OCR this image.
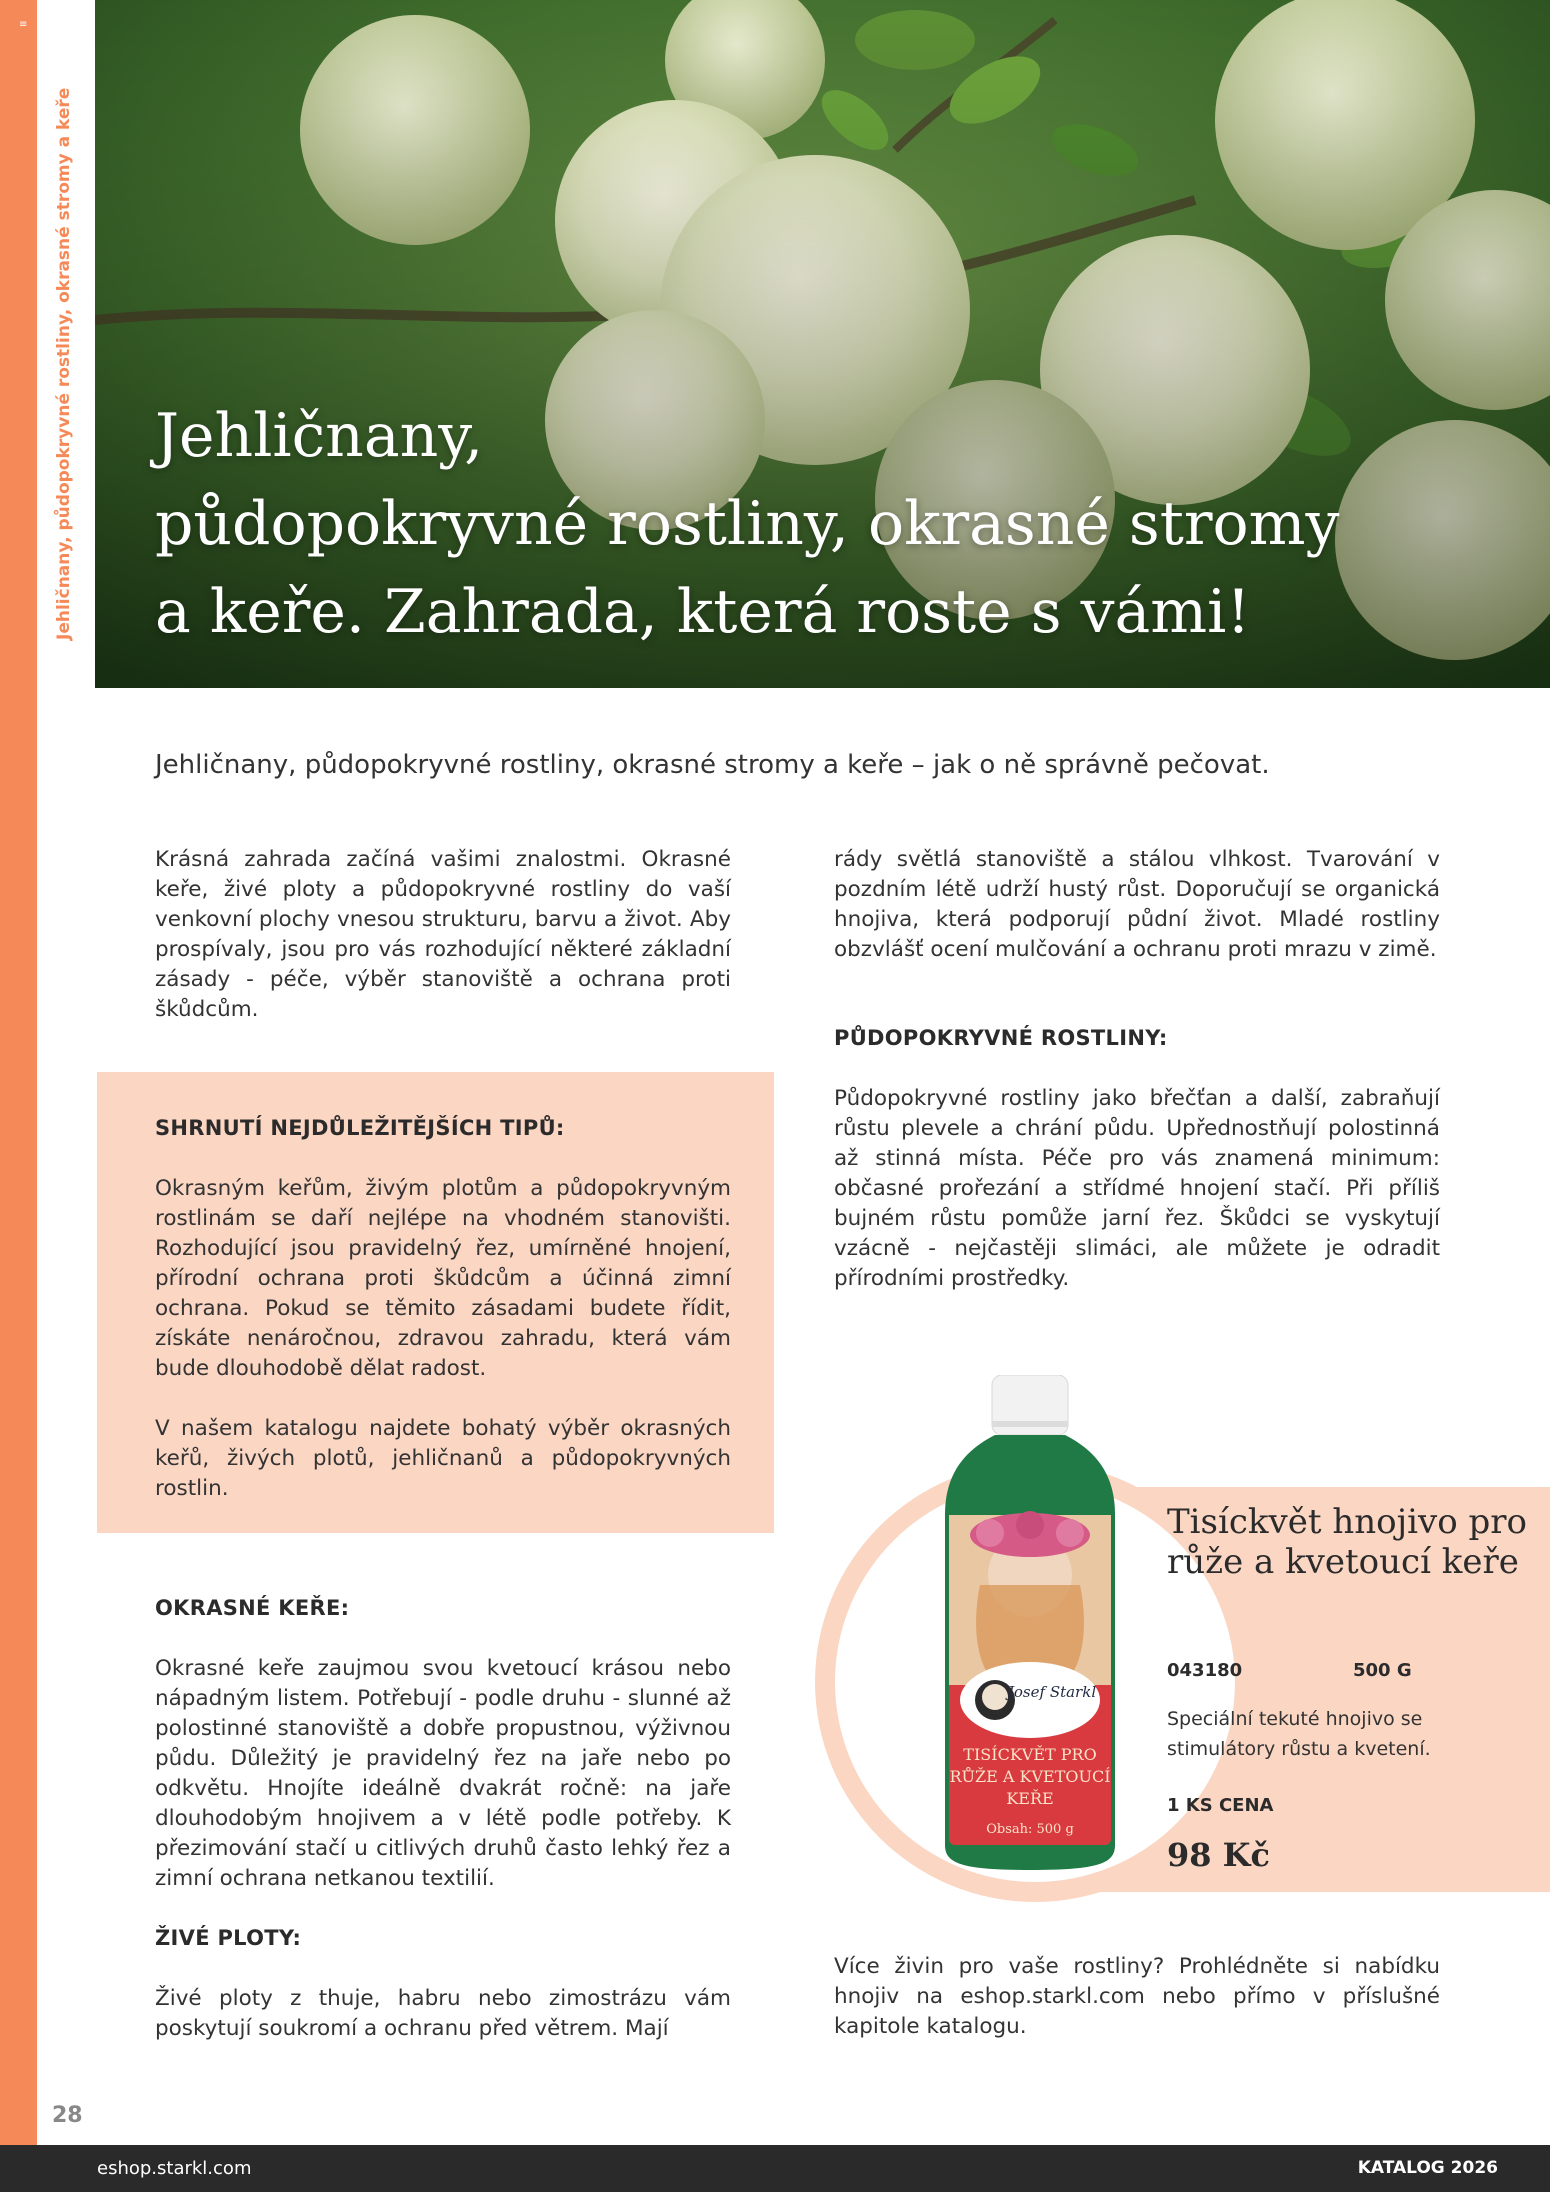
≡
Jehličnany, půdopokryvné rostliny, okrasné stromy a keře Jehličnany,
půdopokryvné rostliny, okrasné stromy
a keře. Zahrada, která roste s vámi!

Jehličnany, půdopokryvné rostliny, okrasné stromy a keře – jak o ně správně pečovat.

Krásná zahrada začíná vašimi znalostmi. Okrasné keře, živé ploty a půdopokryvné rostliny do vaší venkovní plochy vnesou strukturu, barvu a život. Aby prospívaly, jsou pro vás rozhodující některé základní zásady - péče, výběr stanoviště a ochrana proti škůdcům.

SHRNUTÍ NEJDŮLEŽITĚJŠÍCH TIPŮ:

Okrasným keřům, živým plotům a půdopokryvným rostlinám se daří nejlépe na vhodném stanovišti. Rozhodující jsou pravidelný řez, umírněné hnojení, přírodní ochrana proti škůdcům a účinná zimní ochrana. Pokud se těmito zásadami budete řídit, získáte nenáročnou, zdravou zahradu, která vám bude dlouhodobě dělat radost.

V našem katalogu najdete bohatý výběr okrasných keřů, živých plotů, jehličnanů a půdopokryvných rostlin.

OKRASNÉ KEŘE:

Okrasné keře zaujmou svou kvetoucí krásou nebo nápadným listem. Potřebují - podle druhu - slunné až polostinné stanoviště a dobře propustnou, výživnou půdu. Důležitý je pravidelný řez na jaře nebo po odkvětu. Hnojíte ideálně dvakrát ročně: na jaře dlouhodobým hnojivem a v létě podle potřeby. K přezimování stačí u citlivých druhů často lehký řez a zimní ochrana netkanou textilií.

ŽIVÉ PLOTY:

Živé ploty z thuje, habru nebo zimostrázu vám poskytují soukromí a ochranu před větrem. Mají

rády světlá stanoviště a stálou vlhkost. Tvarování v pozdním létě udrží hustý růst. Doporučují se organická hnojiva, která podporují půdní život. Mladé rostliny obzvlášť ocení mulčování a ochranu proti mrazu v zimě.

PŮDOPOKRYVNÉ ROSTLINY:

Půdopokryvné rostliny jako břečťan a další, zabraňují růstu plevele a chrání půdu. Upřednostňují polostinná až stinná místa. Péče pro vás znamená minimum: občasné prořezání a střídmé hnojení stačí. Při příliš bujném růstu pomůže jarní řez. Škůdci se vyskytují vzácně - nejčastěji slimáci, ale můžete je odradit přírodními prostředky.

Josef Starkl
TISÍCKVĚT PRO
RŮŽE A KVETOUCÍ
KEŘE
Obsah: 500 g
Tisíckvět hnojivo pro růže a kvetoucí keře
043180	500 G
Speciální tekuté hnojivo se stimulátory růstu a kvetení.
1 KS CENA
98 Kč

Více živin pro vaše rostliny? Prohlédněte si nabídku hnojiv na eshop.starkl.com nebo přímo v příslušné kapitole katalogu.

28
eshop.starkl.com	KATALOG 2026
